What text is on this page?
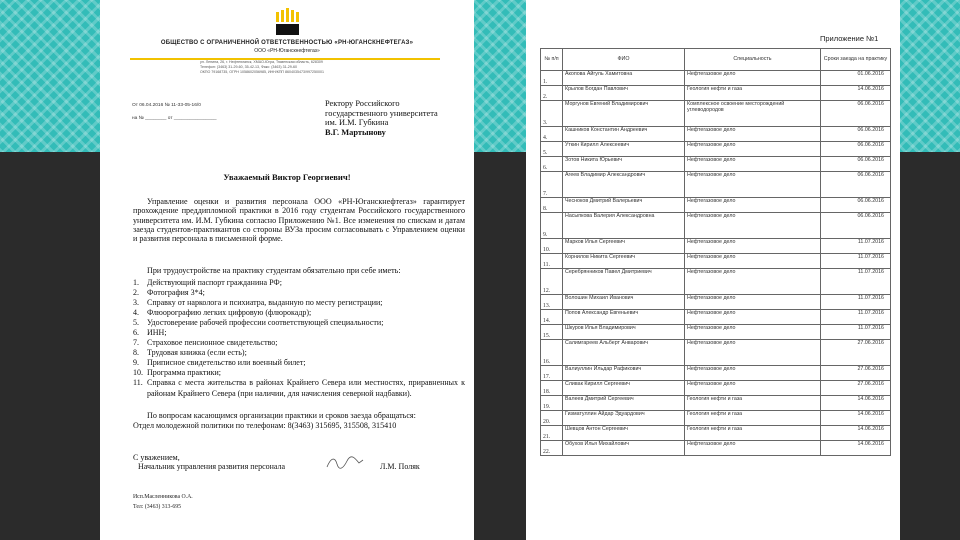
ОБЩЕСТВО С ОГРАНИЧЕННОЙ ОТВЕТСТВЕННОСТЬЮ «РН-ЮГАНСКНЕФТЕГАЗ»
ООО «РН-Юганскнефтегаз»
ул. Ленина, 26, г. Нефтеюганск, ХМАО-Югра, Тюменская область, 628309
Телефон: (3463) 31-29-60, 35-42-13, Факс: (3463) 31-29-60
ОКПО 79168735, ОГРН 1058602056985, ИНН/КПП 8604035473/997250001
От 06.04.2016 № 11-33-05-16/0
на № ________ от ________________
Ректору Российского
государственного университета
им. И.М. Губкина
В.Г. Мартынову
Уважаемый Виктор Георгиевич!
Управление оценки и развития персонала ООО «РН-Юганскнефтегаз» гарантирует прохождение преддипломной практики в 2016 году студентам Российского государственного университета им. И.М. Губкина согласно Приложению №1. Все изменения по спискам и датам заезда студентов-практикантов со стороны ВУЗа просим согласовывать с Управлением оценки и развития персонала в письменной форме.
При трудоустройстве на практику студентам обязательно при себе иметь:
1.	Действующий паспорт гражданина РФ;
2.	Фотография 3*4;
3.	Справку от нарколога и психиатра, выданную по месту регистрации;
4.	Флюорографию легких цифровую (флюрокадр);
5.	Удостоверение рабочей профессии соответствующей специальности;
6.	ИНН;
7.	Страховое пенсионное свидетельство;
8.	Трудовая книжка (если есть);
9.	Приписное свидетельство или военный билет;
10. Программа практики;
11. Справка с места жительства в районах Крайнего Севера или местностях, приравненных к районам Крайнего Севера (при наличии, для начисления северной надбавки).
По вопросам касающимся организации практики и сроков заезда обращаться:
Отдел молодежной политики по телефонам: 8(3463) 315695, 315508, 315410
С уважением,
Начальник управления развития персонала	Л.М. Поляк
Исп.Масленникова О.А.
Тел: (3463) 313-695
Приложение №1
№ п/п	ФИО	Специальность	Сроки заезда на практику
1.	Акопова Айгуль Хамитовна	Нефтегазовое дело	01.06.2016
2.	Крылов Богдан Павлович	Геология нефти и газа	14.06.2016
3.	Моргунов Евгений Владимирович	Комплексное освоение месторождений углеводородов	06.06.2016
4.	Кашников Константин Андреевич	Нефтегазовое дело	06.06.2016
5.	Уткин Кирилл Алексеевич	Нефтегазовое дело	06.06.2016
6.	Зотов Никита Юрьевич	Нефтегазовое дело	06.06.2016
7.	Агеев Владимир Александрович	Нефтегазовое дело	06.06.2016
8.	Чесноков Дмитрий Валерьевич	Нефтегазовое дело	06.06.2016
9.	Насыпкова Валерия Александровна	Нефтегазовое дело	06.06.2016
10.	Марков Илья Сергеевич	Нефтегазовое дело	11.07.2016
11.	Корнилов Никита Сергеевич	Нефтегазовое дело	11.07.2016
12.	Серебрянников Павел Дмитриевич	Нефтегазовое дело	11.07.2016
13.	Волошин Михаил Иванович	Нефтегазовое дело	11.07.2016
14.	Попов Александр Евгеньевич	Нефтегазовое дело	11.07.2016
15.	Шкуров Илья Владимирович	Нефтегазовое дело	11.07.2016
16.	Салимгареев Альберт Анварович	Нефтегазовое дело	27.06.2016
17.	Валиуллин Ильдар Рафикович	Нефтегазовое дело	27.06.2016
18.	Сливак Кирилл Сергеевич	Нефтегазовое дело	27.06.2016
19.	Валеев Дмитрий Сергеевич	Геология нефти и газа	14.06.2016
20.	Гизматуллин Айдар Эдуардович	Геология нефти и газа	14.06.2016
21.	Шевцов Антон Сергеевич	Геология нефти и газа	14.06.2016
22.	Обухов Илья Михайлович	Нефтегазовое дело	14.06.2016
